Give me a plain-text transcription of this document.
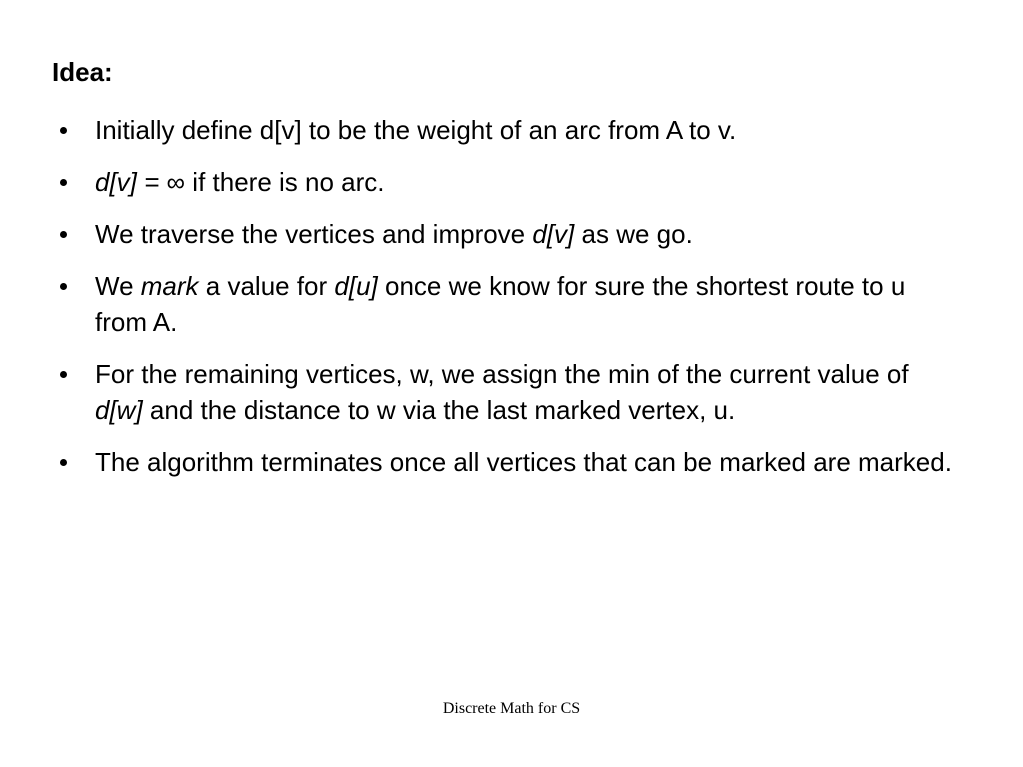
Idea:
Initially define d[v] to be the weight of an arc from A to v.
d[v] = ∞ if there is no arc.
We traverse the vertices and improve d[v] as we go.
We mark a value for d[u] once we know for sure the shortest route to u from A.
For the remaining vertices, w, we assign the min of the current value of d[w] and the distance to w via the last marked vertex, u.
The algorithm terminates once all vertices that can be marked are marked.
Discrete Math for CS
